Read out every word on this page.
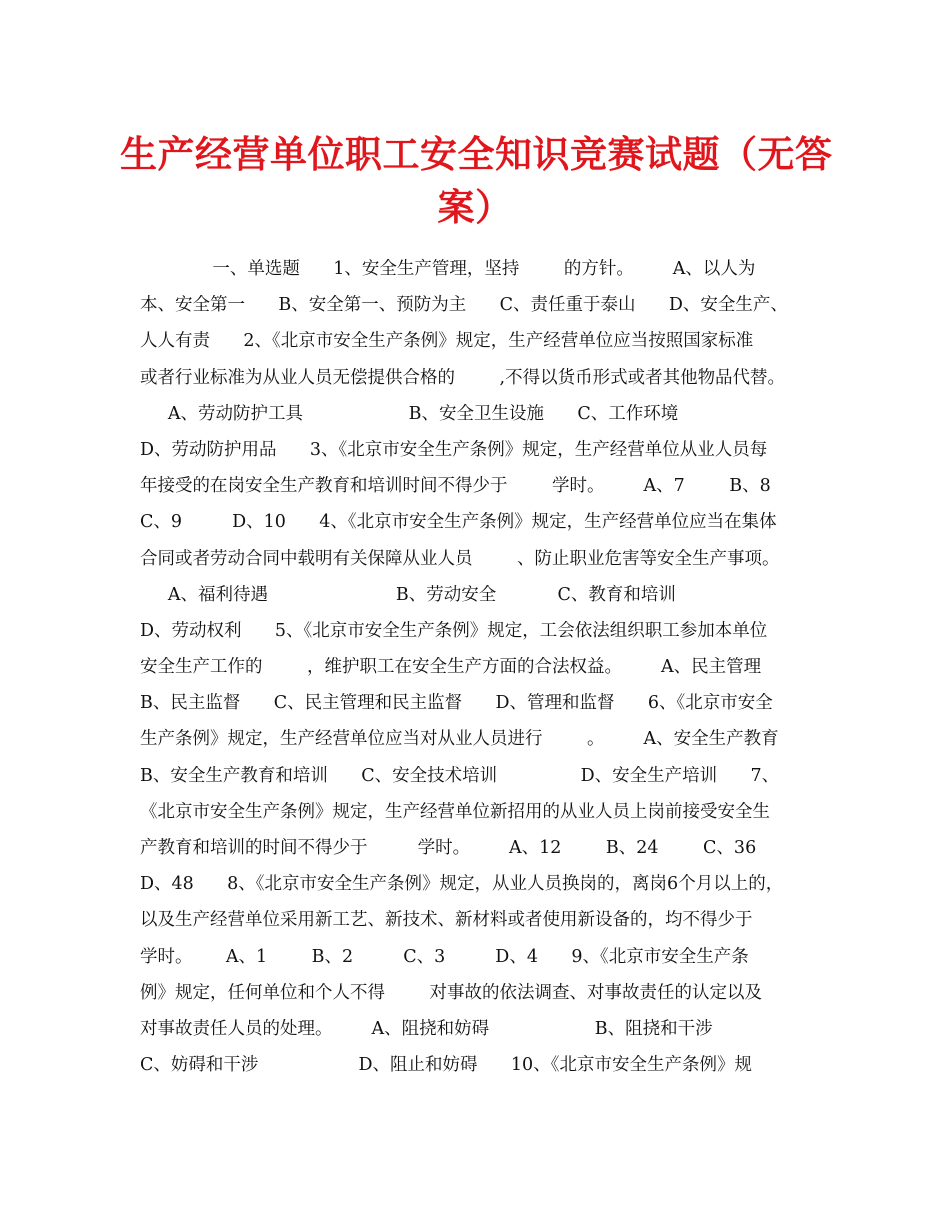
生产经营单位职工安全知识竞赛试题（无答
案）
一、单选题      1、安全生产管理，坚持        的方针。       A、以人为
本、安全第一      B、安全第一、预防为主      C、责任重于泰山      D、安全生产、
人人有责      2、《北京市安全生产条例》规定，生产经营单位应当按照国家标准
或者行业标准为从业人员无偿提供合格的        ,不得以货币形式或者其他物品代替。
A、劳动防护工具                   B、安全卫生设施      C、工作环境
D、劳动防护用品      3、《北京市安全生产条例》规定，生产经营单位从业人员每
年接受的在岗安全生产教育和培训时间不得少于        学时。       A、7        B、8
C、9         D、10      4、《北京市安全生产条例》规定，生产经营单位应当在集体
合同或者劳动合同中载明有关保障从业人员        、防止职业危害等安全生产事项。
A、福利待遇                       B、劳动安全           C、教育和培训
D、劳动权利      5、《北京市安全生产条例》规定，工会依法组织职工参加本单位
安全生产工作的        ，维护职工在安全生产方面的合法权益。       A、民主管理
B、民主监督      C、民主管理和民主监督      D、管理和监督      6、《北京市安全
生产条例》规定，生产经营单位应当对从业人员进行        。       A、安全生产教育
B、安全生产教育和培训      C、安全技术培训               D、安全生产培训      7、
《北京市安全生产条例》规定，生产经营单位新招用的从业人员上岗前接受安全生
产教育和培训的时间不得少于         学时。       A、12        B、24        C、36
D、48      8、《北京市安全生产条例》规定，从业人员换岗的，离岗6个月以上的，
以及生产经营单位采用新工艺、新技术、新材料或者使用新设备的，均不得少于
学时。      A、1        B、2         C、3         D、4      9、《北京市安全生产条
例》规定，任何单位和个人不得        对事故的依法调查、对事故责任的认定以及
对事故责任人员的处理。       A、阻挠和妨碍                   B、阻挠和干涉
C、妨碍和干涉                  D、阻止和妨碍      10、《北京市安全生产条例》规
